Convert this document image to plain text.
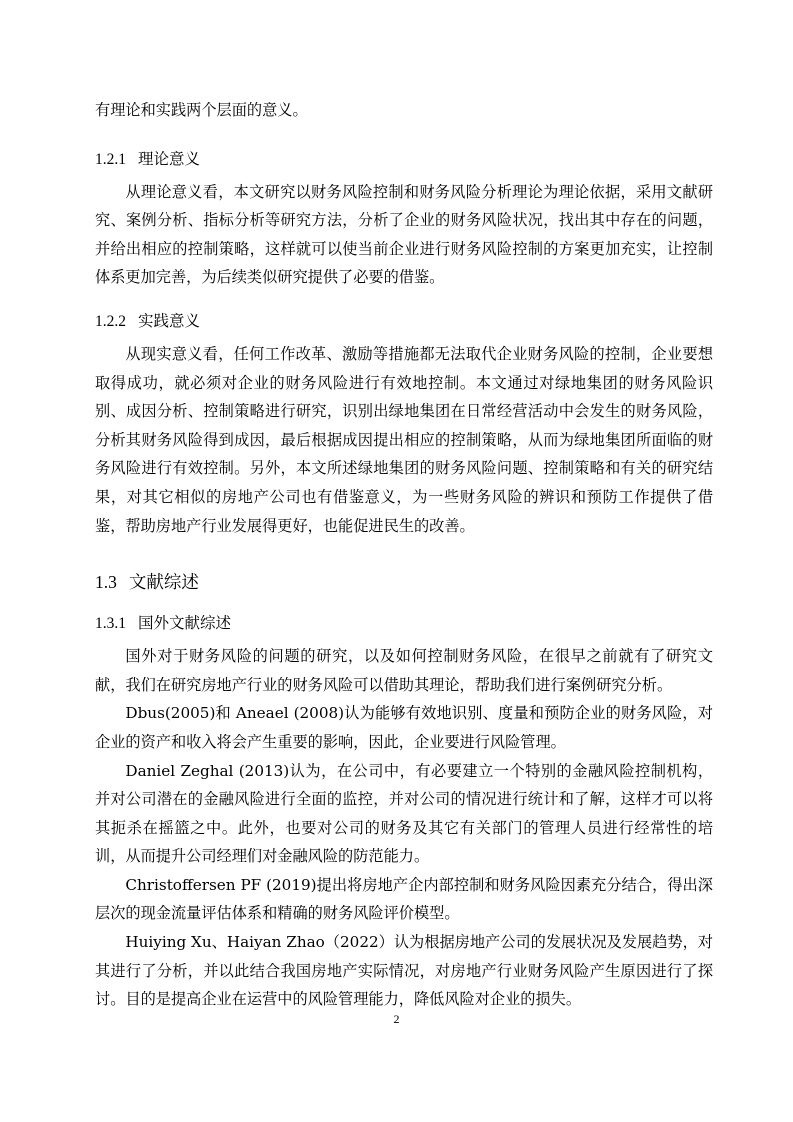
有理论和实践两个层面的意义。

1.2.1 理论意义

从理论意义看，本文研究以财务风险控制和财务风险分析理论为理论依据，采用文献研究、案例分析、指标分析等研究方法，分析了企业的财务风险状况，找出其中存在的问题，并给出相应的控制策略，这样就可以使当前企业进行财务风险控制的方案更加充实，让控制体系更加完善，为后续类似研究提供了必要的借鉴。

1.2.2 实践意义

从现实意义看，任何工作改革、激励等措施都无法取代企业财务风险的控制，企业要想取得成功，就必须对企业的财务风险进行有效地控制。本文通过对绿地集团的财务风险识别、成因分析、控制策略进行研究，识别出绿地集团在日常经营活动中会发生的财务风险，分析其财务风险得到成因，最后根据成因提出相应的控制策略，从而为绿地集团所面临的财务风险进行有效控制。另外，本文所述绿地集团的财务风险问题、控制策略和有关的研究结果，对其它相似的房地产公司也有借鉴意义，为一些财务风险的辨识和预防工作提供了借鉴，帮助房地产行业发展得更好，也能促进民生的改善。

1.3 文献综述
1.3.1 国外文献综述

国外对于财务风险的问题的研究，以及如何控制财务风险，在很早之前就有了研究文献，我们在研究房地产行业的财务风险可以借助其理论，帮助我们进行案例研究分析。

Dbus(2005)和 Aneael (2008)认为能够有效地识别、度量和预防企业的财务风险，对企业的资产和收入将会产生重要的影响，因此，企业要进行风险管理。

Daniel Zeghal (2013)认为，在公司中，有必要建立一个特别的金融风险控制机构，并对公司潜在的金融风险进行全面的监控，并对公司的情况进行统计和了解，这样才可以将其扼杀在摇篮之中。此外，也要对公司的财务及其它有关部门的管理人员进行经常性的培训，从而提升公司经理们对金融风险的防范能力。

Christoffersen PF (2019)提出将房地产企内部控制和财务风险因素充分结合，得出深层次的现金流量评估体系和精确的财务风险评价模型。

Huiying Xu、Haiyan Zhao（2022）认为根据房地产公司的发展状况及发展趋势，对其进行了分析，并以此结合我国房地产实际情况，对房地产行业财务风险产生原因进行了探讨。目的是提高企业在运营中的风险管理能力，降低风险对企业的损失。

2
